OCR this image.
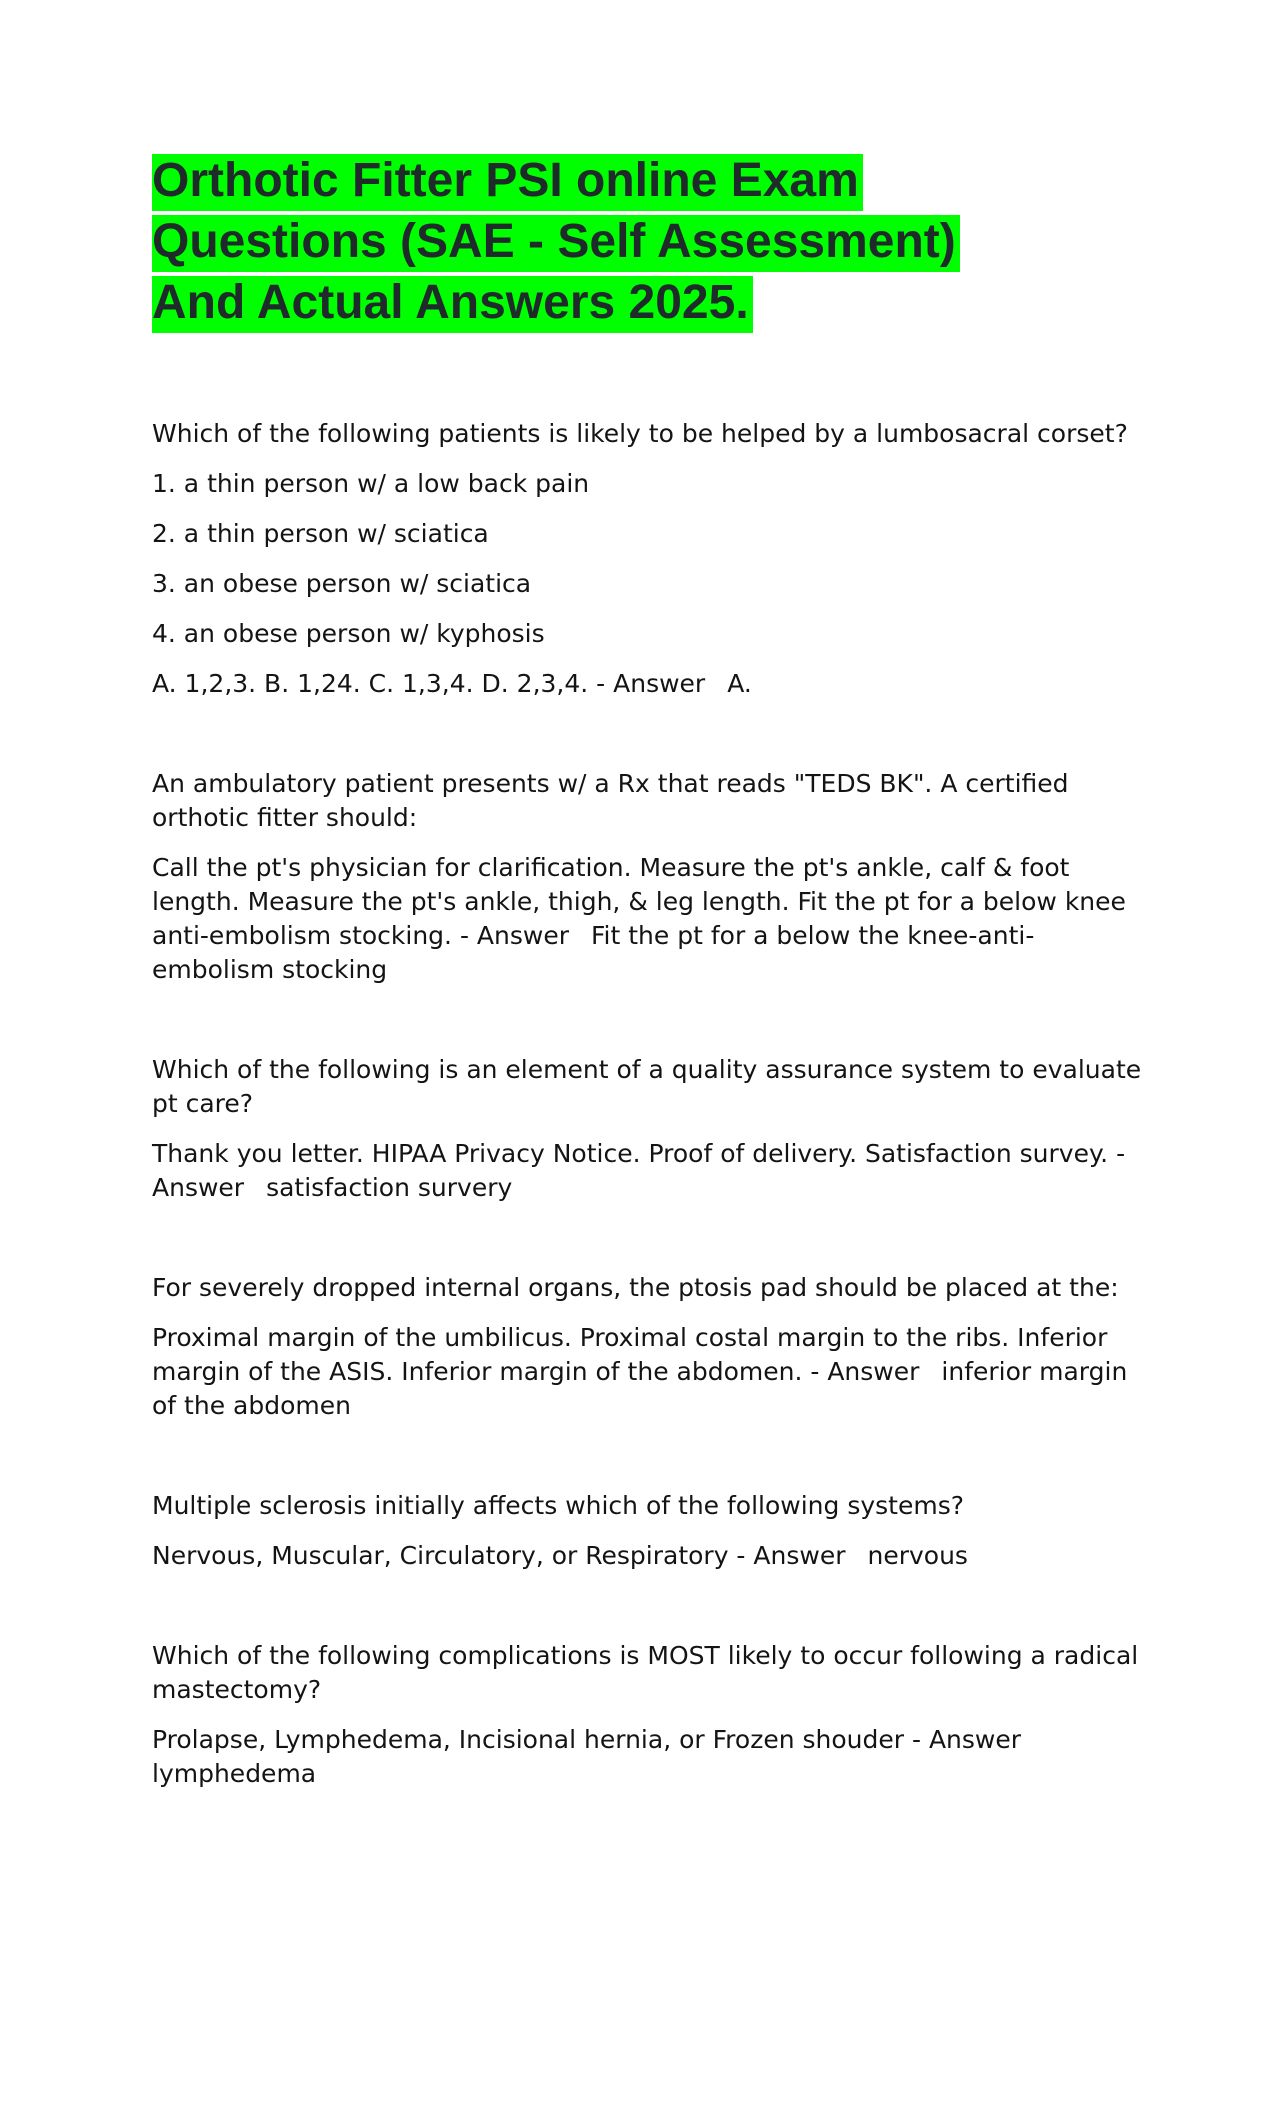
Orthotic Fitter PSI online Exam
Questions (SAE - Self Assessment)
And Actual Answers 2025.

Which of the following patients is likely to be helped by a lumbosacral corset?

1. a thin person w/ a low back pain

2. a thin person w/ sciatica

3. an obese person w/ sciatica

4. an obese person w/ kyphosis

A. 1,2,3. B. 1,24. C. 1,3,4. D. 2,3,4. - Answer A.

An ambulatory patient presents w/ a Rx that reads "TEDS BK". A certified orthotic fitter should:

Call the pt's physician for clarification. Measure the pt's ankle, calf & foot length. Measure the pt's ankle, thigh, & leg length. Fit the pt for a below knee anti-embolism stocking. - Answer Fit the pt for a below the knee-anti-embolism stocking

Which of the following is an element of a quality assurance system to evaluate pt care?

Thank you letter. HIPAA Privacy Notice. Proof of delivery. Satisfaction survey. - Answer satisfaction survery

For severely dropped internal organs, the ptosis pad should be placed at the:

Proximal margin of the umbilicus. Proximal costal margin to the ribs. Inferior margin of the ASIS. Inferior margin of the abdomen. - Answer inferior margin of the abdomen

Multiple sclerosis initially affects which of the following systems?

Nervous, Muscular, Circulatory, or Respiratory - Answer nervous

Which of the following complications is MOST likely to occur following a radical mastectomy?

Prolapse, Lymphedema, Incisional hernia, or Frozen shouder - Answerlymphedema
